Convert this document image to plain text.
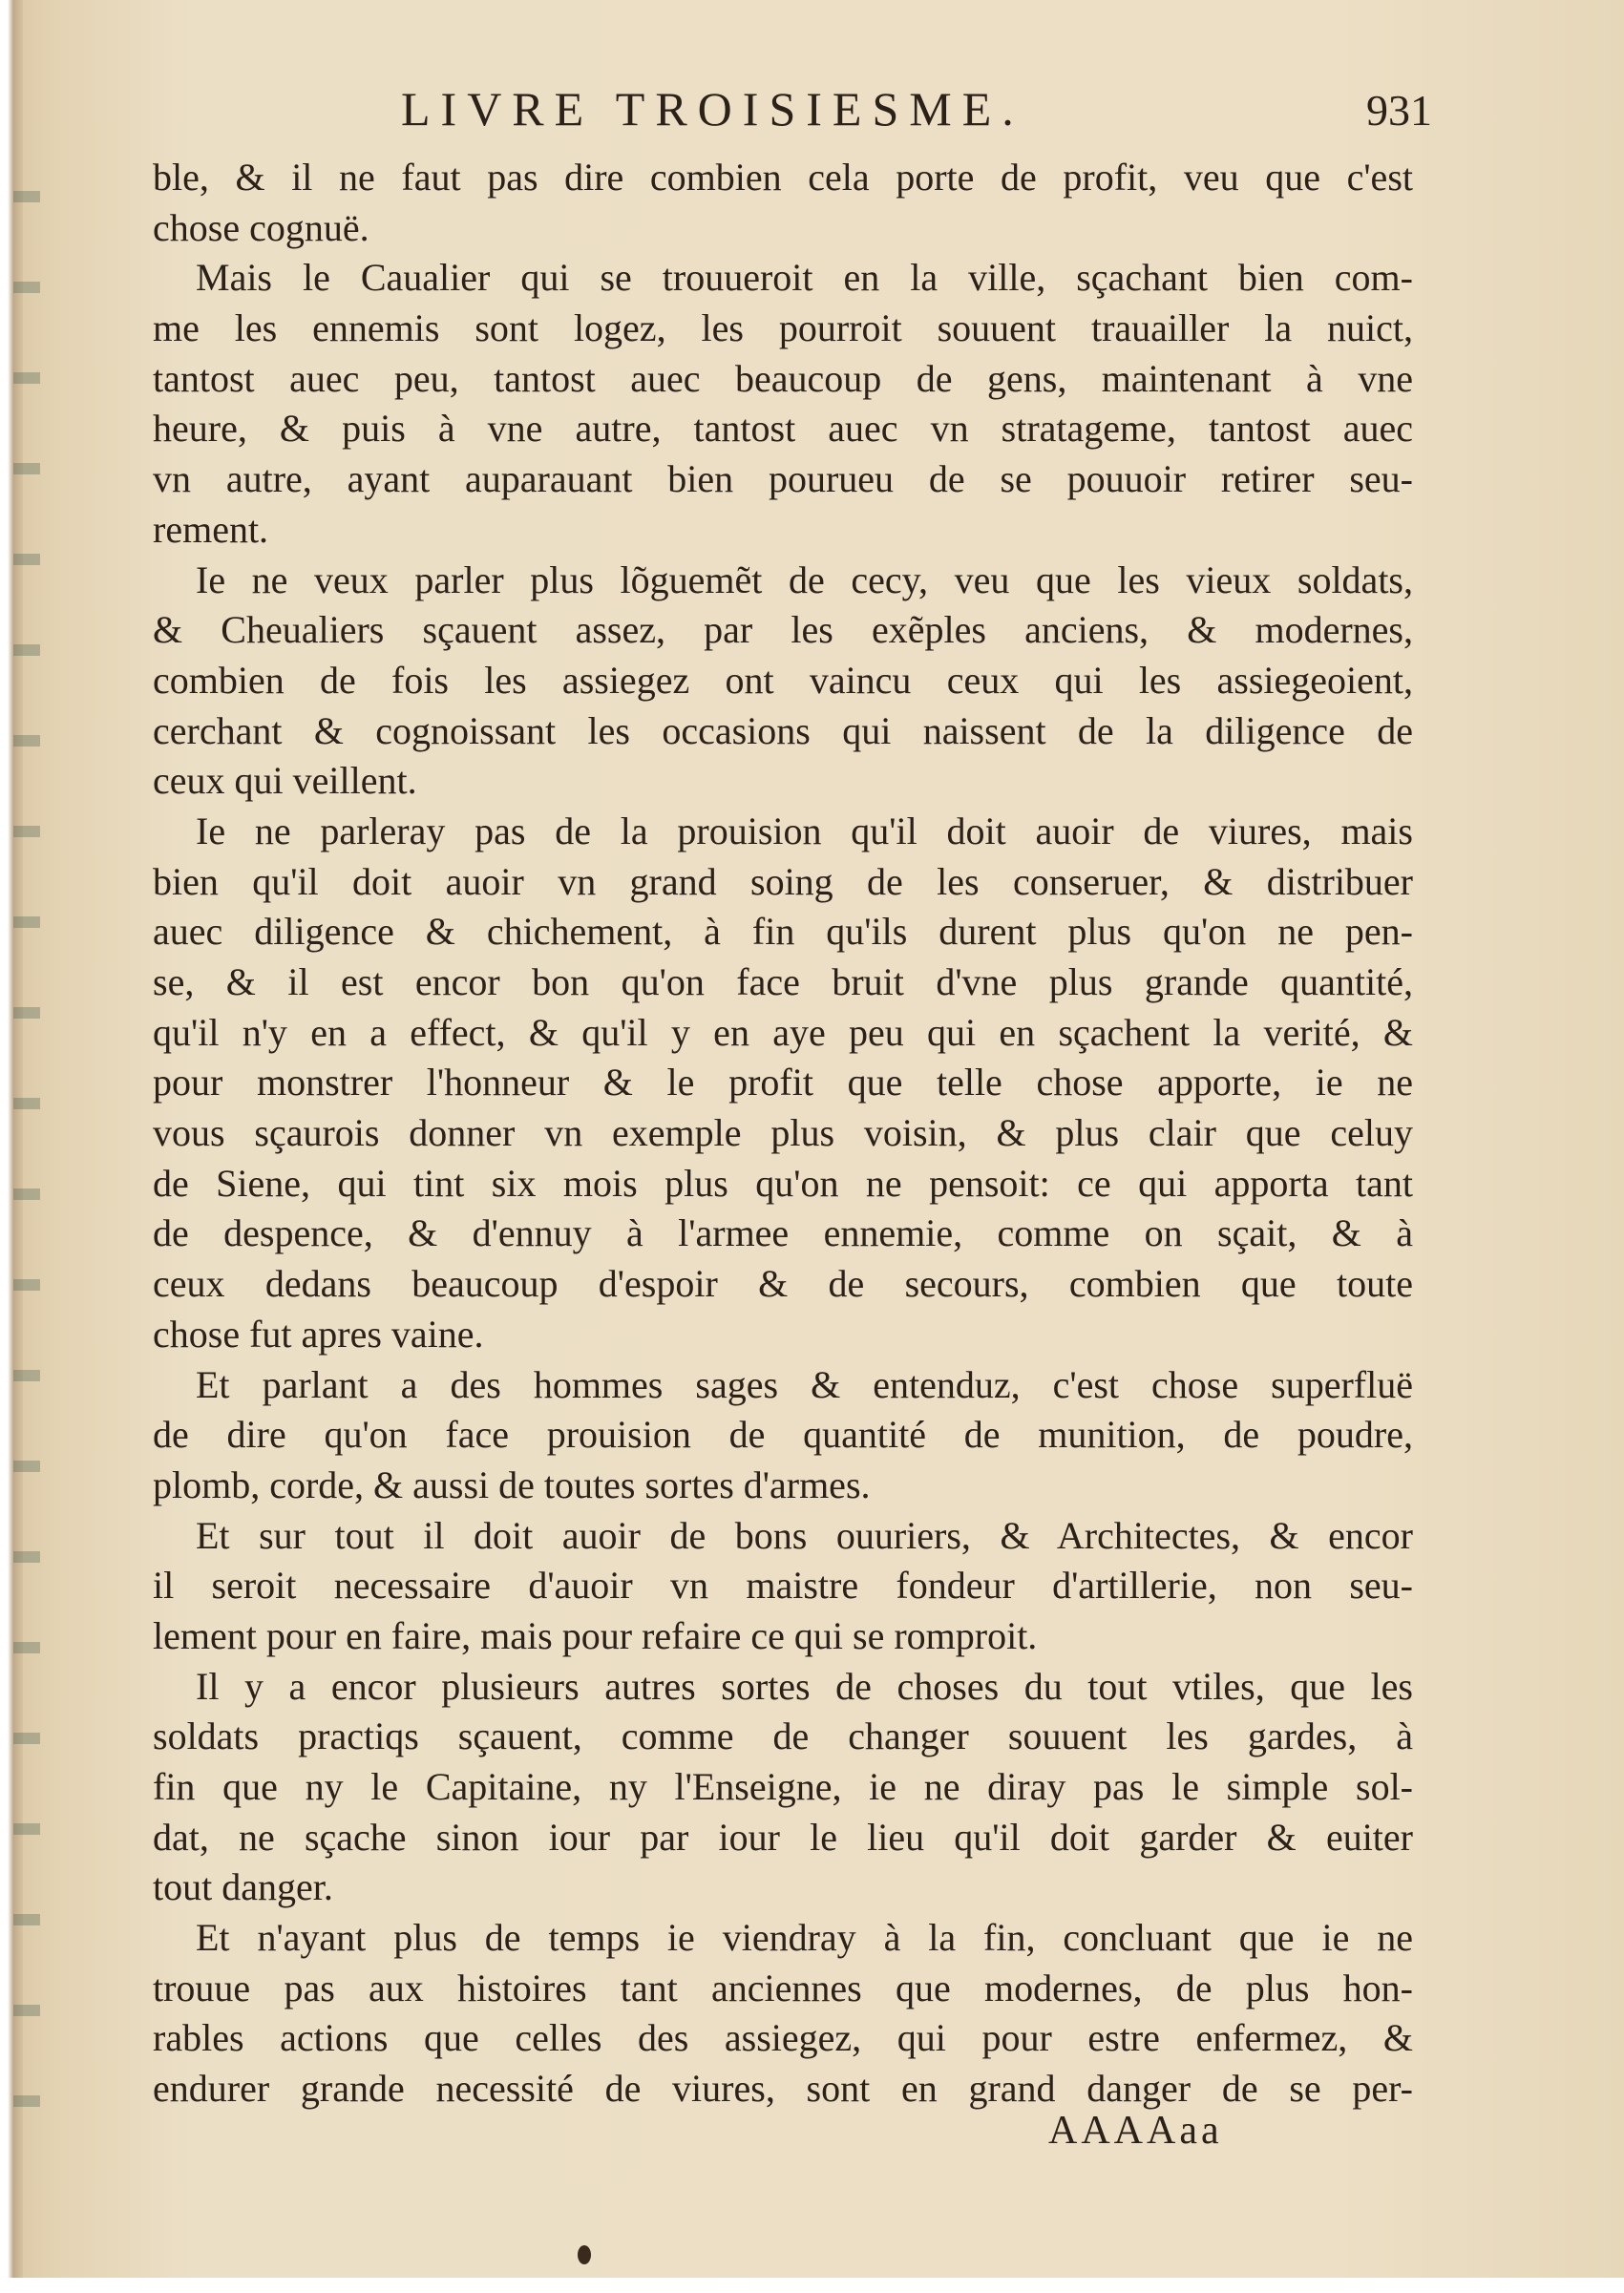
LIVRE TROISIESME.	931
ble, & il ne faut pas dire combien cela porte de profit, veu que c'est
chose cognuë.
Mais le Caualier qui se trouueroit en la ville, sçachant bien com-
me les ennemis sont logez, les pourroit souuent trauailler la nuict,
tantost auec peu, tantost auec beaucoup de gens, maintenant à vne
heure, & puis à vne autre, tantost auec vn stratageme, tantost auec
vn autre, ayant auparauant bien pourueu de se pouuoir retirer seu-
rement.
Ie ne veux parler plus lõguemẽt de cecy, veu que les vieux soldats,
& Cheualiers sçauent assez, par les exẽples anciens, & modernes,
combien de fois les assiegez ont vaincu ceux qui les assiegeoient,
cerchant & cognoissant les occasions qui naissent de la diligence de
ceux qui veillent.
Ie ne parleray pas de la prouision qu'il doit auoir de viures, mais
bien qu'il doit auoir vn grand soing de les conseruer, & distribuer
auec diligence & chichement, à fin qu'ils durent plus qu'on ne pen-
se, & il est encor bon qu'on face bruit d'vne plus grande quantité,
qu'il n'y en a effect, & qu'il y en aye peu qui en sçachent la verité, &
pour monstrer l'honneur & le profit que telle chose apporte, ie ne
vous sçaurois donner vn exemple plus voisin, & plus clair que celuy
de Siene, qui tint six mois plus qu'on ne pensoit: ce qui apporta tant
de despence, & d'ennuy à l'armee ennemie, comme on sçait, & à
ceux dedans beaucoup d'espoir & de secours, combien que toute
chose fut apres vaine.
Et parlant a des hommes sages & entenduz, c'est chose superfluë
de dire qu'on face prouision de quantité de munition, de poudre,
plomb, corde, & aussi de toutes sortes d'armes.
Et sur tout il doit auoir de bons ouuriers, & Architectes, & encor
il seroit necessaire d'auoir vn maistre fondeur d'artillerie, non seu-
lement pour en faire, mais pour refaire ce qui se romproit.
Il y a encor plusieurs autres sortes de choses du tout vtiles, que les
soldats practiqs sçauent, comme de changer souuent les gardes, à
fin que ny le Capitaine, ny l'Enseigne, ie ne diray pas le simple sol-
dat, ne sçache sinon iour par iour le lieu qu'il doit garder & euiter
tout danger.
Et n'ayant plus de temps ie viendray à la fin, concluant que ie ne
trouue pas aux histoires tant anciennes que modernes, de plus hon-
rables actions que celles des assiegez, qui pour estre enfermez, &
endurer grande necessité de viures, sont en grand danger de se per-
AAAAaa
